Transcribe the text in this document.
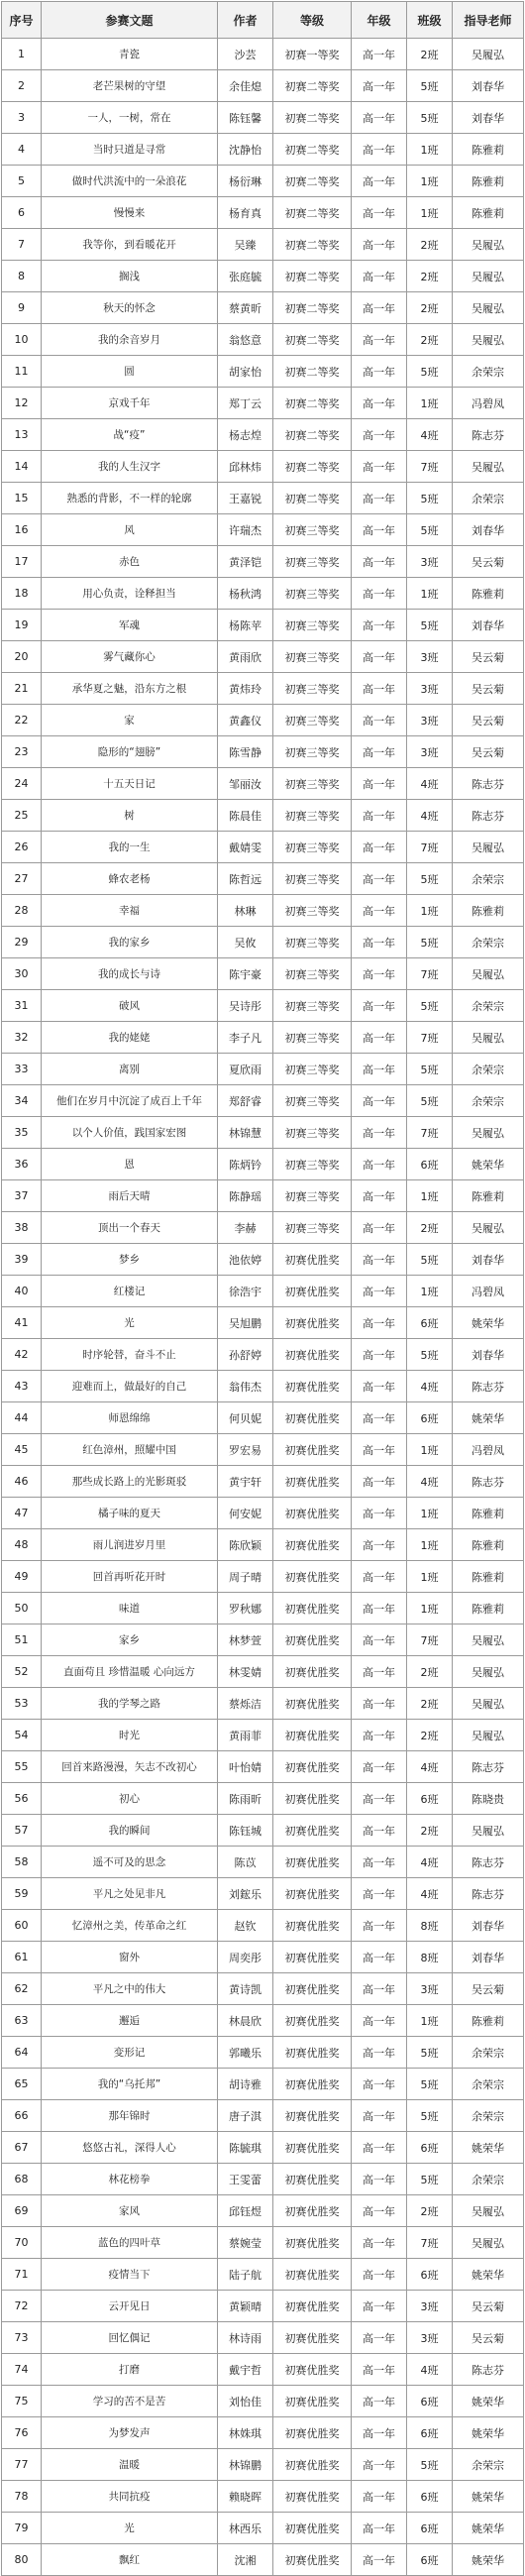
序号	参赛文题	作者	等级	年级	班级	指导老师
1	青瓷	沙芸	初赛一等奖	高一年	2班	吴履弘
2	老芒果树的守望	余佳熄	初赛二等奖	高一年	5班	刘春华
3	一人，一树，常在	陈钰馨	初赛二等奖	高一年	5班	刘春华
4	当时只道是寻常	沈静怡	初赛二等奖	高一年	1班	陈雅莉
5	做时代洪流中的一朵浪花	杨衍琳	初赛二等奖	高一年	1班	陈雅莉
6	慢慢来	杨育真	初赛二等奖	高一年	1班	陈雅莉
7	我等你，到看暖花开	吴臻	初赛二等奖	高一年	2班	吴履弘
8	搁浅	张庭毓	初赛二等奖	高一年	2班	吴履弘
9	秋天的怀念	蔡黄昕	初赛二等奖	高一年	2班	吴履弘
10	我的余音岁月	翁悠意	初赛二等奖	高一年	2班	吴履弘
11	圆	胡家怡	初赛二等奖	高一年	5班	余荣宗
12	京戏千年	郑丁云	初赛二等奖	高一年	1班	冯碧凤
13	战“疫”	杨志煌	初赛二等奖	高一年	4班	陈志芬
14	我的人生汉字	邱林炜	初赛二等奖	高一年	7班	吴履弘
15	熟悉的背影，不一样的轮廓	王嘉锐	初赛二等奖	高一年	5班	余荣宗
16	风	许瑞杰	初赛三等奖	高一年	5班	刘春华
17	赤色	黄泽铠	初赛三等奖	高一年	3班	吴云菊
18	用心负责，诠释担当	杨秋鸿	初赛三等奖	高一年	1班	陈雅莉
19	军魂	杨陈苹	初赛三等奖	高一年	5班	刘春华
20	雾气藏你心	黄雨欣	初赛三等奖	高一年	3班	吴云菊
21	承华夏之魅，沿东方之根	黄炜玲	初赛三等奖	高一年	3班	吴云菊
22	家	黄鑫仪	初赛三等奖	高一年	3班	吴云菊
23	隐形的“翅膀”	陈雪静	初赛三等奖	高一年	3班	吴云菊
24	十五天日记	邹丽汝	初赛三等奖	高一年	4班	陈志芬
25	树	陈晨佳	初赛三等奖	高一年	4班	陈志芬
26	我的一生	戴婧雯	初赛三等奖	高一年	7班	吴履弘
27	蜂农老杨	陈哲远	初赛三等奖	高一年	5班	余荣宗
28	幸福	林琳	初赛三等奖	高一年	1班	陈雅莉
29	我的家乡	吴攸	初赛三等奖	高一年	5班	余荣宗
30	我的成长与诗	陈宇豪	初赛三等奖	高一年	7班	吴履弘
31	破风	吴诗彤	初赛三等奖	高一年	5班	余荣宗
32	我的姥姥	李子凡	初赛三等奖	高一年	7班	吴履弘
33	离别	夏欣雨	初赛三等奖	高一年	5班	余荣宗
34	他们在岁月中沉淀了成百上千年	郑舒睿	初赛三等奖	高一年	5班	余荣宗
35	以个人价值，践国家宏图	林锦慧	初赛三等奖	高一年	7班	吴履弘
36	恩	陈炳钤	初赛三等奖	高一年	6班	姚荣华
37	雨后天晴	陈静瑶	初赛三等奖	高一年	1班	陈雅莉
38	顶出一个春天	李赫	初赛三等奖	高一年	2班	吴履弘
39	梦乡	池依婷	初赛优胜奖	高一年	5班	刘春华
40	红楼记	徐浩宇	初赛优胜奖	高一年	1班	冯碧凤
41	光	吴旭鹏	初赛优胜奖	高一年	6班	姚荣华
42	时序轮替，奋斗不止	孙舒婷	初赛优胜奖	高一年	5班	刘春华
43	迎难而上，做最好的自己	翁伟杰	初赛优胜奖	高一年	4班	陈志芬
44	师恩绵绵	何贝妮	初赛优胜奖	高一年	6班	姚荣华
45	红色漳州，照耀中国	罗宏易	初赛优胜奖	高一年	1班	冯碧凤
46	那些成长路上的光影斑驳	黄宇轩	初赛优胜奖	高一年	4班	陈志芬
47	橘子味的夏天	何安妮	初赛优胜奖	高一年	1班	陈雅莉
48	雨儿润进岁月里	陈欣颖	初赛优胜奖	高一年	1班	陈雅莉
49	回首再听花开时	周子晴	初赛优胜奖	高一年	1班	陈雅莉
50	味道	罗秋娜	初赛优胜奖	高一年	1班	陈雅莉
51	家乡	林梦萱	初赛优胜奖	高一年	7班	吴履弘
52	直面苟且 珍惜温暖 心向远方	林雯婧	初赛优胜奖	高一年	2班	吴履弘
53	我的学琴之路	蔡烁洁	初赛优胜奖	高一年	2班	吴履弘
54	时光	黄雨菲	初赛优胜奖	高一年	2班	吴履弘
55	回首来路漫漫，矢志不改初心	叶怡婧	初赛优胜奖	高一年	4班	陈志芬
56	初心	陈雨昕	初赛优胜奖	高一年	6班	陈晓贵
57	我的瞬间	陈钰城	初赛优胜奖	高一年	2班	吴履弘
58	遥不可及的思念	陈苡	初赛优胜奖	高一年	4班	陈志芬
59	平凡之处见非凡	刘鋐乐	初赛优胜奖	高一年	4班	陈志芬
60	忆漳州之美，传革命之红	赵钦	初赛优胜奖	高一年	8班	刘春华
61	窗外	周奕彤	初赛优胜奖	高一年	8班	刘春华
62	平凡之中的伟大	黄诗凯	初赛优胜奖	高一年	3班	吴云菊
63	邂逅	林晨欣	初赛优胜奖	高一年	1班	陈雅莉
64	变形记	郭曦乐	初赛优胜奖	高一年	5班	余荣宗
65	我的“乌托邦”	胡诗雅	初赛优胜奖	高一年	5班	余荣宗
66	那年锦时	唐子淇	初赛优胜奖	高一年	5班	余荣宗
67	悠悠古礼，深得人心	陈毓琪	初赛优胜奖	高一年	6班	姚荣华
68	林花榜拳	王雯蕾	初赛优胜奖	高一年	5班	余荣宗
69	家风	邱钰煜	初赛优胜奖	高一年	2班	吴履弘
70	蓝色的四叶草	蔡婉莹	初赛优胜奖	高一年	7班	吴履弘
71	疫情当下	陆子航	初赛优胜奖	高一年	6班	姚荣华
72	云开见日	黄颖晴	初赛优胜奖	高一年	3班	吴云菊
73	回忆偶记	林诗雨	初赛优胜奖	高一年	3班	吴云菊
74	打磨	戴宇哲	初赛优胜奖	高一年	4班	陈志芬
75	学习的苦不是苦	刘怡佳	初赛优胜奖	高一年	6班	姚荣华
76	为梦发声	林姝琪	初赛优胜奖	高一年	6班	姚荣华
77	温暖	林锦鹏	初赛优胜奖	高一年	5班	余荣宗
78	共同抗疫	赖晓晖	初赛优胜奖	高一年	6班	姚荣华
79	光	林西乐	初赛优胜奖	高一年	6班	姚荣华
80	飘红	沈湘	初赛优胜奖	高一年	6班	姚荣华
